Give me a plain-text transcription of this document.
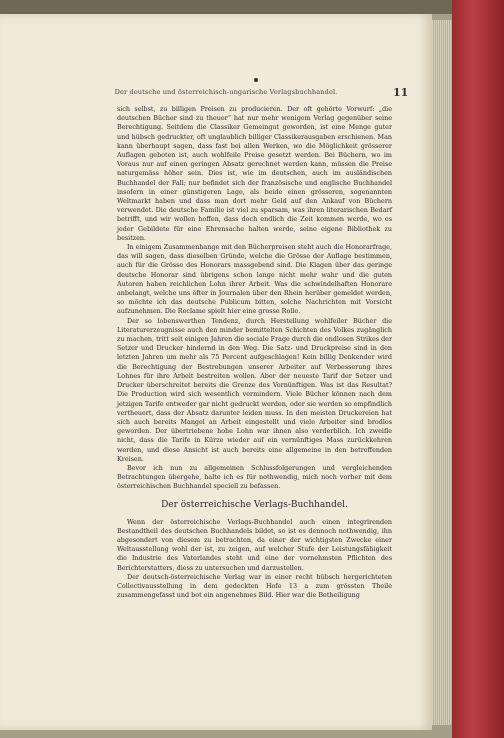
Der deutsche und österreichisch-ungarische Verlagsbuchhandel.	11

sich selbst, zu billigen Preisen zu producieren. Der oft gehörte Vorwurf: „die deutschen Bücher sind zu theuer“ hat nur mehr wenigem Verlag gegenüber seine Berechtigung. Seitdem die Classiker Gemeingut geworden, ist eine Menge guter und hübsch gedruckter, oft unglaublich billiger Classikerausgaben erschienen. Man kann überhaupt sagen, dass fast bei allen Werken, wo die Möglichkeit grösserer Auflagen geboten ist, auch wohlfeile Preise gesetzt werden. Bei Büchern, wo im Voraus nur auf einen geringen Absatz gerechnet werden kann, müssen die Preise naturgemäss höher sein. Dies ist, wie im deutschen, auch im ausländischen Buchhandel der Fall; nur befindet sich der französische und englische Buchhandel insofern in einer günstigeren Lage, als beide einen grösseren, sogenannten Weltmarkt haben und dass man dort mehr Geld auf den Ankauf von Büchern verwendet. Die deutsche Familie ist viel zu sparsam, was ihren literarischen Bedarf betrifft, und wir wollen hoffen, dass doch endlich die Zeit kommen werde, wo es jeder Gebildete für eine Ehrensache halten werde, seine eigene Bibliothek zu besitzen.

In einigem Zusammenhange mit den Bücherpreisen steht auch die Honorarfrage, das will sagen, dass dieselben Gründe, welche die Grösse der Auflage bestimmen, auch für die Grösse des Honorars massgebend sind. Die Klagen über das geringe deutsche Honorar sind übrigens schon lange nicht mehr wahr und die guten Autoren haben reichlichen Lohn ihrer Arbeit. Was die schwindelhaften Honorare anbelangt, welche uns öfter in Journalen über den Rhein herüber gemeldet werden, so möchte ich das deutsche Publicum bitten, solche Nachrichten mit Vorsicht aufzunehmen. Die Reclame spielt hier eine grosse Rolle.

Der so lobenswerthen Tendenz, durch Herstellung wohlfeiler Bücher die Literaturerzeugnisse auch den minder bemittelten Schichten des Volkes zugänglich zu machen, tritt seit einigen Jahren die sociale Frage durch die endlosen Strikes der Setzer und Drucker hindernd in den Weg. Die Satz- und Druckpreise sind in den letzten Jahren um mehr als 75 Percent aufgeschlagen! Kein billig Denkender wird die Berechtigung der Bestrebungen unserer Arbeiter auf Verbesserung ihres Lohnes für ihre Arbeit bestreiten wollen. Aber der neueste Tarif der Setzer und Drucker überschreitet bereits die Grenze des Vernünftigen. Was ist das Resultat? Die Production wird sich wesentlich vermindern. Viele Bücher können nach dem jetzigen Tarife entweder gar nicht gedruckt werden, oder sie werden so empfindlich vertheuert, dass der Absatz darunter leiden muss. In den meisten Druckereien hat sich auch bereits Mangel an Arbeit eingestellt und viele Arbeiter sind brodlos geworden. Der übertriebene hohe Lohn war ihnen also verderblich. Ich zweifle nicht, dass die Tarife in Kürze wieder auf ein vernünftiges Mass zurückkehren werden, und diese Ansicht ist auch bereits eine allgemeine in den betreffenden Kreisen.

Bevor ich nun zu allgemeinen Schlussfolgerungen und vergleichenden Betrachtungen übergehe, halte ich es für nothwendig, mich noch vorher mit dem österreichischen Buchhandel speciell zu befassen.

Der österreichische Verlags-Buchhandel.

Wenn der österreichische Verlags-Buchhandel auch einen integrirenden Bestandtheil des deutschen Buchhandels bildet, so ist es dennoch nothwendig, ihn abgesondert von diesem zu betrachten, da einer der wichtigsten Zwecke einer Weltausstellung wohl der ist, zu zeigen, auf welcher Stufe der Leistungsfähigkeit die Industrie des Vaterlandes steht und eine der vornehmsten Pflichten des Berichterstatters, diess zu untersuchen und darzustellen.

Der deutsch-österreichische Verlag war in einer recht hübsch hergerichteten Collectivausstellung in dem gedeckten Hofe 13 a zum grössten Theile zusammengefasst und bot ein angenehmes Bild. Hier war die Betheiligung
